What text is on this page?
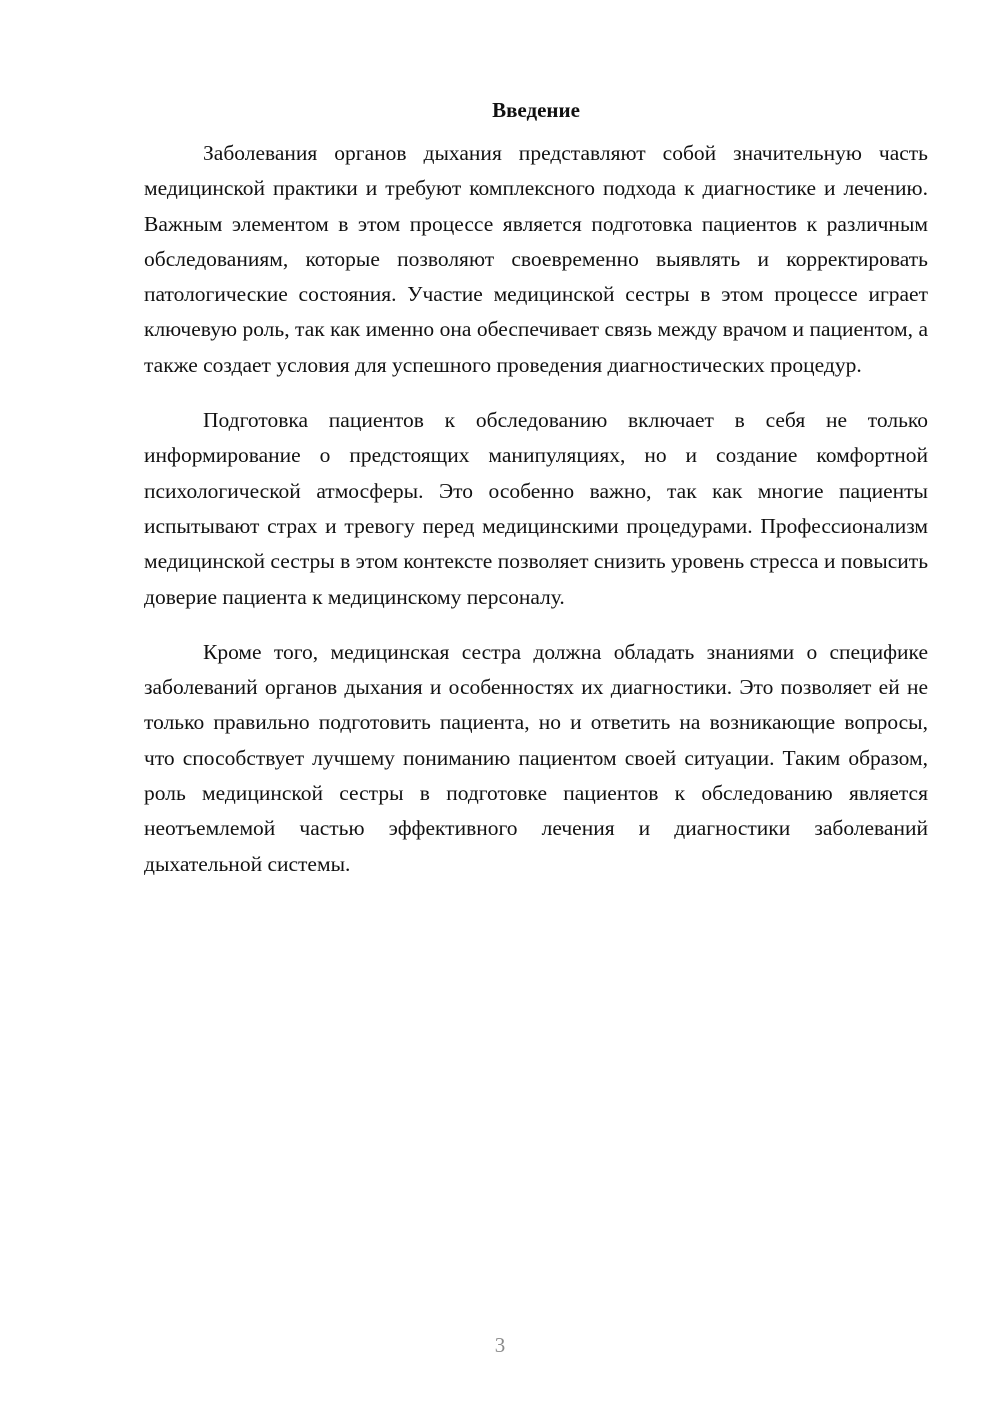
Введение

Заболевания органов дыхания представляют собой значительную часть медицинской практики и требуют комплексного подхода к диагностике и лечению. Важным элементом в этом процессе является подготовка пациентов к различным обследованиям, которые позволяют своевременно выявлять и корректировать патологические состояния. Участие медицинской сестры в этом процессе играет ключевую роль, так как именно она обеспечивает связь между врачом и пациентом, а также создает условия для успешного проведения диагностических процедур.

Подготовка пациентов к обследованию включает в себя не только информирование о предстоящих манипуляциях, но и создание комфортной психологической атмосферы. Это особенно важно, так как многие пациенты испытывают страх и тревогу перед медицинскими процедурами. Профессионализм медицинской сестры в этом контексте позволяет снизить уровень стресса и повысить доверие пациента к медицинскому персоналу.

Кроме того, медицинская сестра должна обладать знаниями о специфике заболеваний органов дыхания и особенностях их диагностики. Это позволяет ей не только правильно подготовить пациента, но и ответить на возникающие вопросы, что способствует лучшему пониманию пациентом своей ситуации. Таким образом, роль медицинской сестры в подготовке пациентов к обследованию является неотъемлемой частью эффективного лечения и диагностики заболеваний дыхательной системы.

3
